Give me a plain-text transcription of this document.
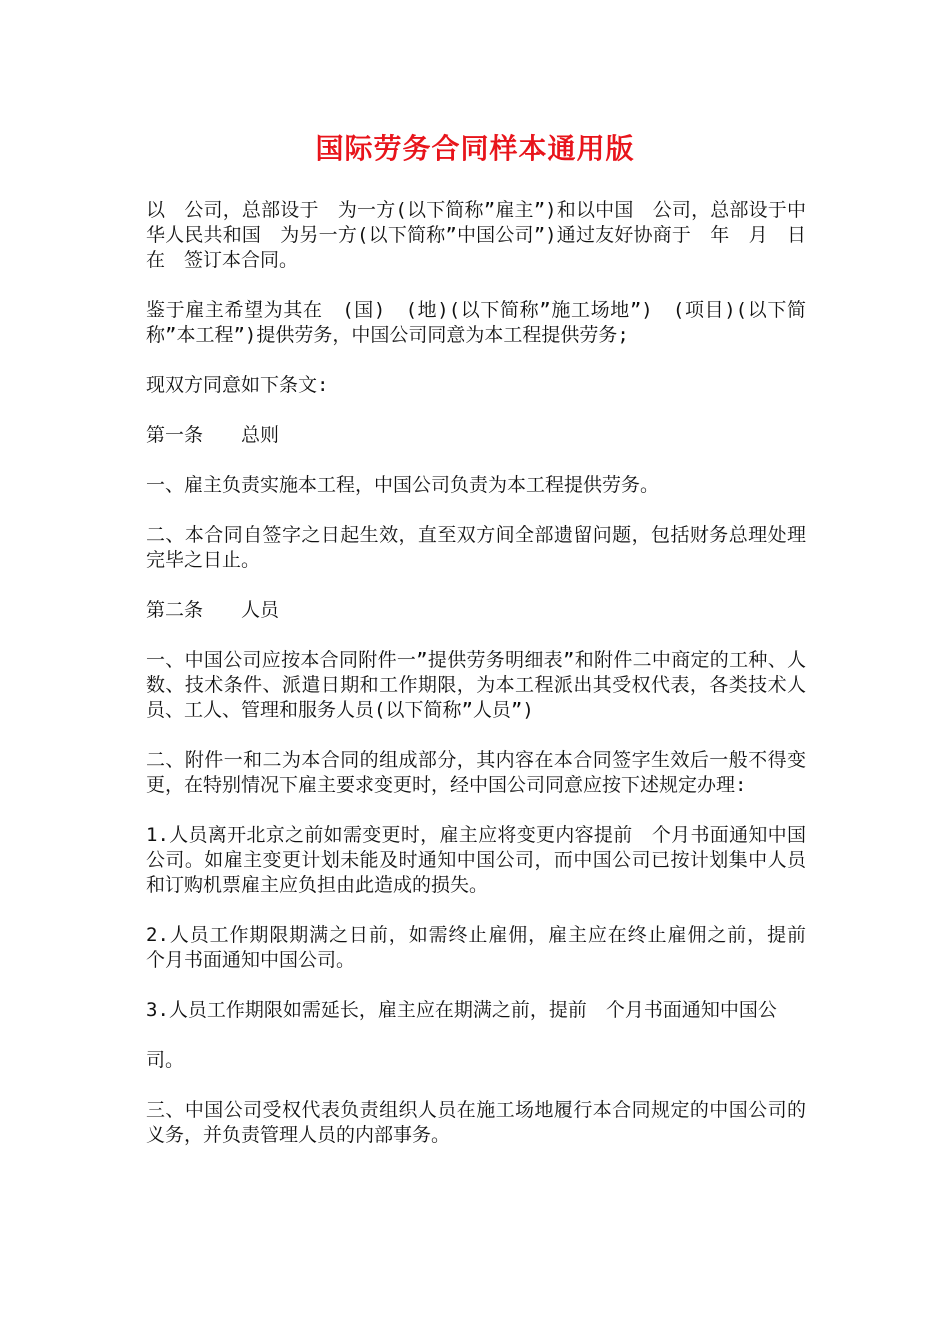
国际劳务合同样本通用版

以　公司，总部设于　为一方(以下简称”雇主”)和以中国　公司，总部设于中华人民共和国　为另一方(以下简称”中国公司”)通过友好协商于　年　月　日在　签订本合同。

鉴于雇主希望为其在　(国)　(地)(以下简称”施工场地”)　(项目)(以下简称”本工程”)提供劳务，中国公司同意为本工程提供劳务;

现双方同意如下条文:

第一条　　总则

一、雇主负责实施本工程，中国公司负责为本工程提供劳务。

二、本合同自签字之日起生效，直至双方间全部遗留问题，包括财务总理处理完毕之日止。

第二条　　人员

一、中国公司应按本合同附件一”提供劳务明细表”和附件二中商定的工种、人数、技术条件、派遣日期和工作期限，为本工程派出其受权代表，各类技术人员、工人、管理和服务人员(以下简称”人员”)

二、附件一和二为本合同的组成部分，其内容在本合同签字生效后一般不得变更，在特别情况下雇主要求变更时，经中国公司同意应按下述规定办理:

1.人员离开北京之前如需变更时，雇主应将变更内容提前　个月书面通知中国公司。如雇主变更计划未能及时通知中国公司，而中国公司已按计划集中人员和订购机票雇主应负担由此造成的损失。

2.人员工作期限期满之日前，如需终止雇佣，雇主应在终止雇佣之前，提前　个月书面通知中国公司。

3.人员工作期限如需延长，雇主应在期满之前，提前　个月书面通知中国公

司。

三、中国公司受权代表负责组织人员在施工场地履行本合同规定的中国公司的义务，并负责管理人员的内部事务。
